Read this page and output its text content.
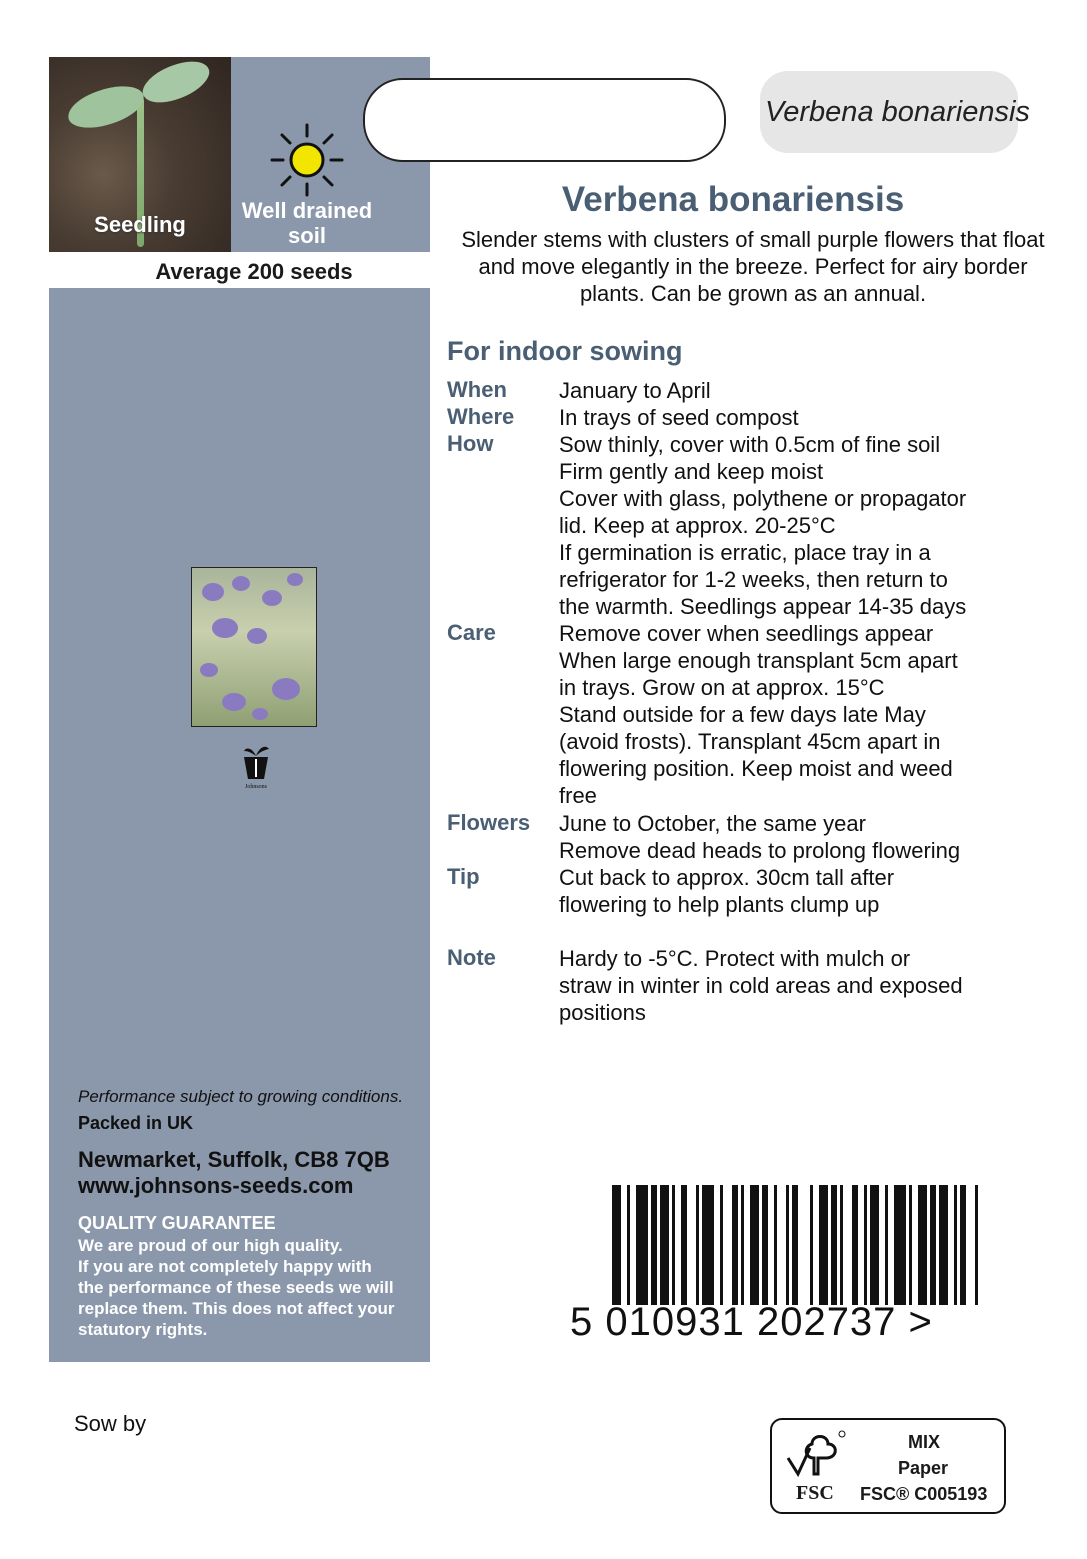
Seedling
Well drained
soil
Average 200 seeds
Johnsons
Performance subject to growing conditions.
Packed in UK
Newmarket, Suffolk, CB8 7QB
www.johnsons-seeds.com
QUALITY GUARANTEE
We are proud of our high quality.
If you are not completely happy with
the performance of these seeds we will
replace them. This does not affect your
statutory rights.
Verbena bonariensis
Verbena bonariensis
Slender stems with clusters of small purple flowers that float and move elegantly in the breeze. Perfect for airy border plants. Can be grown as an annual.
For indoor sowing
When January to April
Where In trays of seed compost
How	Sow thinly, cover with 0.5cm of fine soil
Firm gently and keep moist
Cover with glass, polythene or propagator
lid. Keep at approx. 20-25°C
If germination is erratic, place tray in a
refrigerator for 1-2 weeks, then return to
the warmth. Seedlings appear 14-35 days
Care	Remove cover when seedlings appear
When large enough transplant 5cm apart
in trays. Grow on at approx. 15°C
Stand outside for a few days late May
(avoid frosts). Transplant 45cm apart in
flowering position. Keep moist and weed
free
Flowers June to October, the same year
Remove dead heads to prolong flowering
Tip	Cut back to approx. 30cm tall after
flowering to help plants clump up
Note	Hardy to -5°C. Protect with mulch or
straw in winter in cold areas and exposed
positions
5 010931 202737 >
Sow by
FSC
MIX
Paper
FSC® C005193
